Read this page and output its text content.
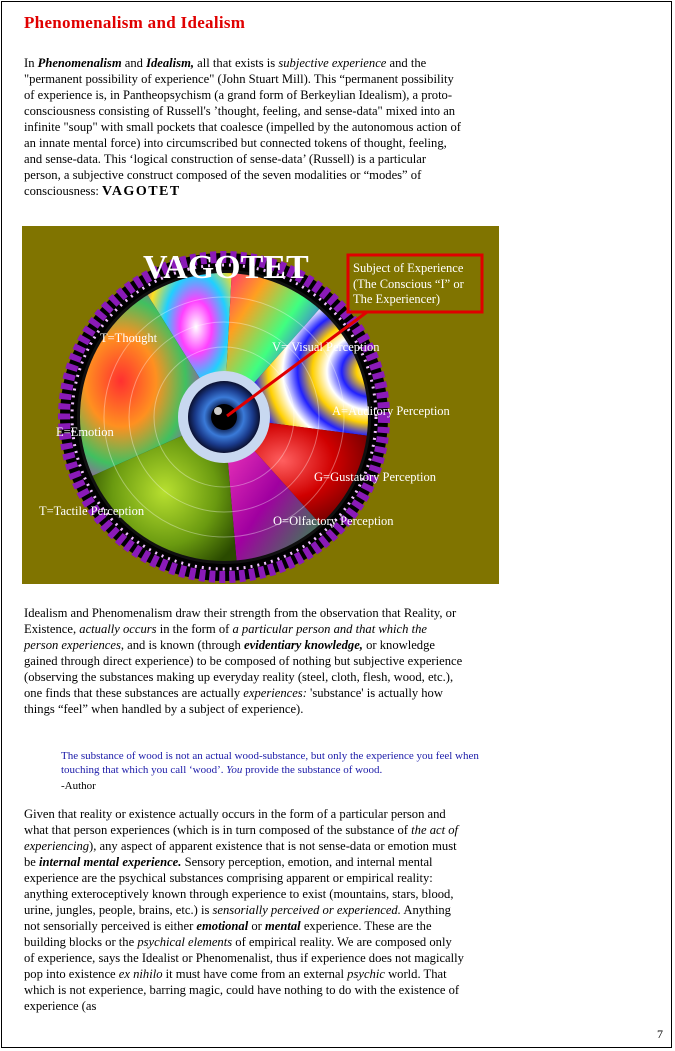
Phenomenalism and Idealism

In Phenomenalism and Idealism, all that exists is subjective experience and the "permanent possibility of experience" (John Stuart Mill). This “permanent possibility of experience is, in Pantheopsychism (a grand form of Berkeylian Idealism), a proto-consciousness consisting of Russell's ’thought, feeling, and sense-data" mixed into an infinite "soup" with small pockets that coalesce (impelled by the autonomous action of an innate mental force) into circumscribed but connected tokens of thought, feeling, and sense-data. This ‘logical construction of sense-data’ (Russell) is a particular person, a subjective construct composed of the seven modalities or “modes” of consciousness: VAGOTET

VAGOTET	Subject of Experience
(The Conscious “I” or
The Experiencer)
T=Thought
V= Visual Perception
A=Auditory Perception
E=Emotion
G=Gustatory Perception
T=Tactile Perception
O=Olfactory Perception

Idealism and Phenomenalism draw their strength from the observation that Reality, or Existence, actually occurs in the form of a particular person and that which the person experiences, and is known (through evidentiary knowledge, or knowledge gained through direct experience) to be composed of nothing but subjective experience (observing the substances making up everyday reality (steel, cloth, flesh, wood, etc.), one finds that these substances are actually experiences: 'substance' is actually how things “feel” when handled by a subject of experience).

The substance of wood is not an actual wood-substance, but only the experience you feel when touching that which you call ‘wood’. You provide the substance of wood.

-Author

Given that reality or existence actually occurs in the form of a particular person and what that person experiences (which is in turn composed of the substance of the act of experiencing), any aspect of apparent existence that is not sense-data or emotion must be internal mental experience. Sensory perception, emotion, and internal mental experience are the psychical substances comprising apparent or empirical reality: anything exteroceptively known through experience to exist (mountains, stars, blood, urine, jungles, people, brains, etc.) is sensorially perceived or experienced. Anything not sensorially perceived is either emotional or mental experience. These are the building blocks or the psychical elements of empirical reality. We are composed only of experience, says the Idealist or Phenomenalist, thus if experience does not magically pop into existence ex nihilo it must have come from an external psychic world. That which is not experience, barring magic, could have nothing to do with the existence of experience (as

7
